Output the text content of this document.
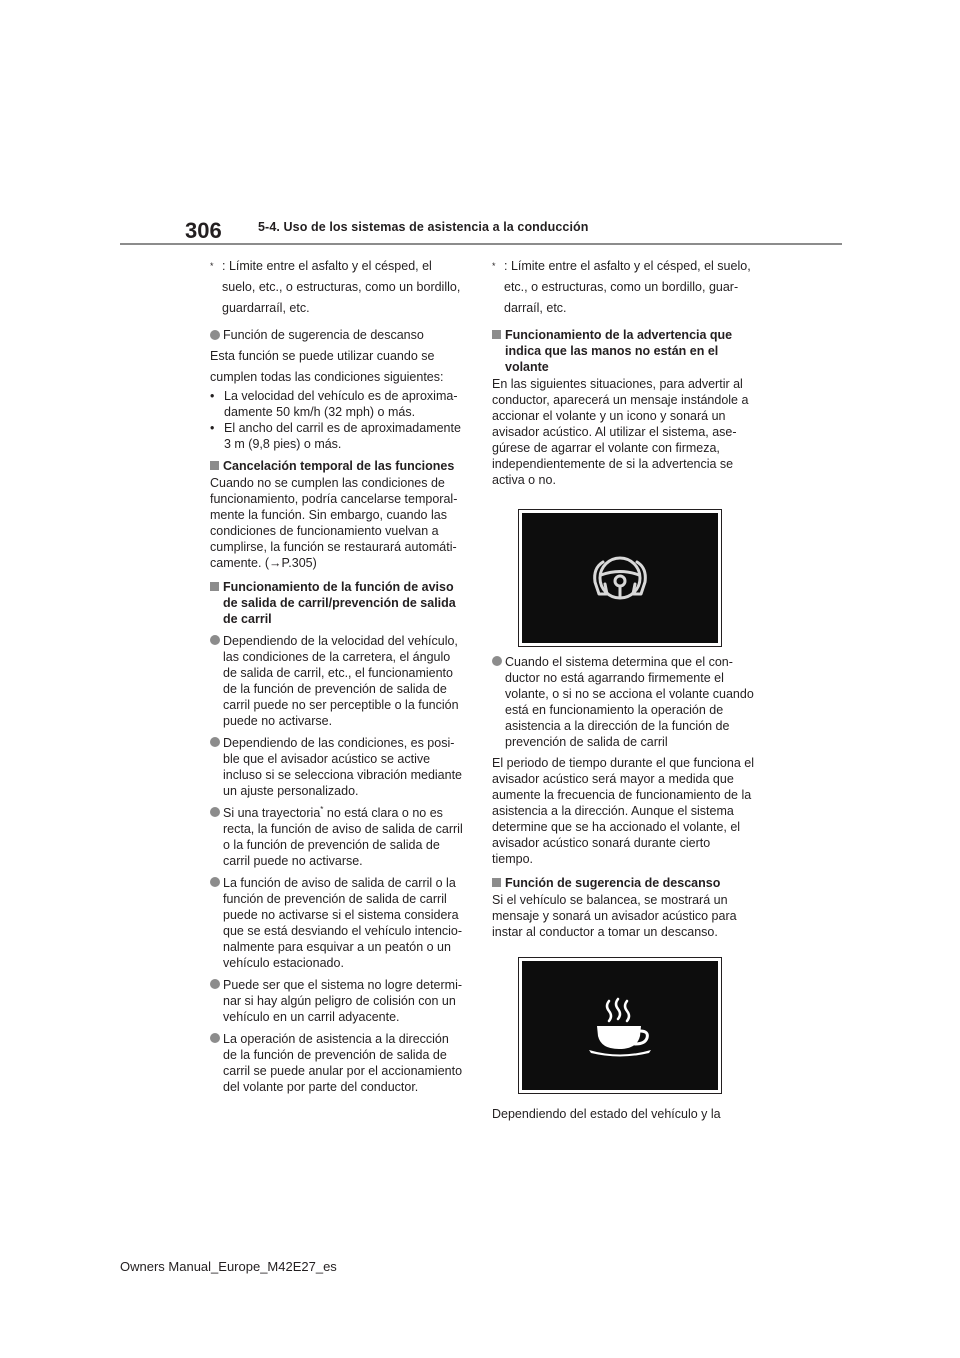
306	5-4. Uso de los sistemas de asistencia a la conducción
* : Límite entre el asfalto y el césped, el suelo, etc., o estructuras, como un bordillo, guardarraíl, etc.
Función de sugerencia de descanso

Esta función se puede utilizar cuando se cumplen todas las condiciones siguientes:

• La velocidad del vehículo es de aproximadamente 50 km/h (32 mph) o más.
• El ancho del carril es de aproximadamente 3 m (9,8 pies) o más.
Cancelación temporal de las funciones

Cuando no se cumplen las condiciones de funcionamiento, podría cancelarse temporalmente la función. Sin embargo, cuando las condiciones de funcionamiento vuelvan a cumplirse, la función se restaurará automáticamente. (→P.305)

Funcionamiento de la función de aviso de salida de carril/prevención de salida de carril
Dependiendo de la velocidad del vehículo, las condiciones de la carretera, el ángulo de salida de carril, etc., el funcionamiento de la función de prevención de salida de carril puede no ser perceptible o la función puede no activarse.
Dependiendo de las condiciones, es posible que el avisador acústico se active incluso si se selecciona vibración mediante un ajuste personalizado.
Si una trayectoria* no está clara o no es recta, la función de aviso de salida de carril o la función de prevención de salida de carril puede no activarse.
La función de aviso de salida de carril o la función de prevención de salida de carril puede no activarse si el sistema considera que se está desviando el vehículo intencionalmente para esquivar a un peatón o un vehículo estacionado.
Puede ser que el sistema no logre determinar si hay algún peligro de colisión con un vehículo en un carril adyacente.
La operación de asistencia a la dirección de la función de prevención de salida de carril se puede anular por el accionamiento del volante por parte del conductor.
* : Límite entre el asfalto y el césped, el suelo, etc., o estructuras, como un bordillo, guardarraíl, etc.
Funcionamiento de la advertencia que indica que las manos no están en el volante

En las siguientes situaciones, para advertir al conductor, aparecerá un mensaje instándole a accionar el volante y un icono y sonará un avisador acústico. Al utilizar el sistema, asegúrese de agarrar el volante con firmeza, independientemente de si la advertencia se activa o no.

Cuando el sistema determina que el conductor no está agarrando firmemente el volante, o si no se acciona el volante cuando está en funcionamiento la operación de asistencia a la dirección de la función de prevención de salida de carril

El periodo de tiempo durante el que funciona el avisador acústico será mayor a medida que aumente la frecuencia de funcionamiento de la asistencia a la dirección. Aunque el sistema determine que se ha accionado el volante, el avisador acústico sonará durante cierto tiempo.

Función de sugerencia de descanso

Si el vehículo se balancea, se mostrará un mensaje y sonará un avisador acústico para instar al conductor a tomar un descanso.

Dependiendo del estado del vehículo y la

Owners Manual_Europe_M42E27_es
